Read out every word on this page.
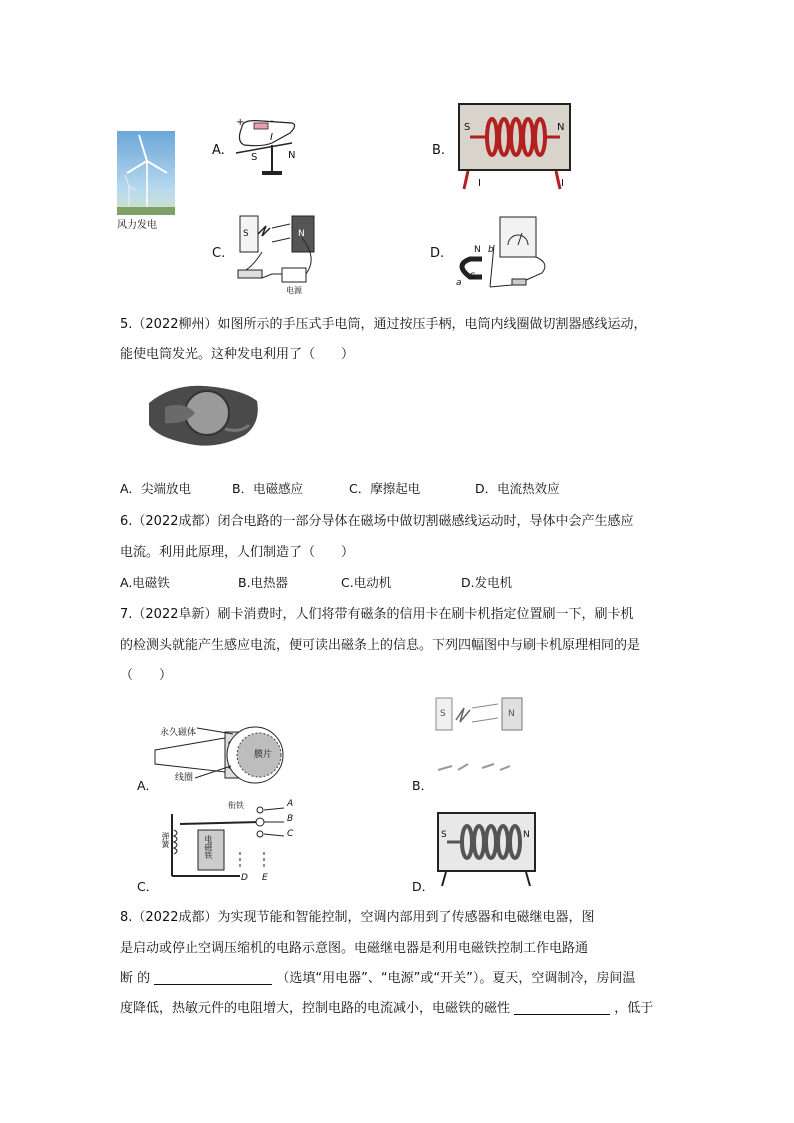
风力发电
A.
+	-
I
S	N	B.
S	N
I	I
C.
S	N
电源
D.	N
S
a
b
5.（2022柳州）如图所示的手压式手电筒，通过按压手柄，电筒内线圈做切割器感线运动，
能使电筒发光。这种发电利用了（　　）
A．尖端放电	B．电磁感应	C．摩擦起电	D．电流热效应
6.（2022成都）闭合电路的一部分导体在磁场中做切割磁感线运动时，导体中会产生感应
电流。利用此原理，人们制造了（　　）
A.电磁铁	B.电热器	C.电动机	D.发电机
7.（2022阜新）刷卡消费时，人们将带有磁条的信用卡在刷卡机指定位置刷一下，刷卡机
的检测头就能产生感应电流，便可读出磁条上的信息。下列四幅图中与刷卡机原理相同的是
（　　）
永久磁体
膜片
线圈
A．
S	N
B．
衔铁
弹簧	电磁铁
A
B
C
D E
C．
S	N
D．
8.（2022成都）为实现节能和智能控制，空调内部用到了传感器和电磁继电器，图
是启动或停止空调压缩机的电路示意图。电磁继电器是利用电磁铁控制工作电路通
断 的	（选填“用电器”、“电源”或“开关”）。夏天，空调制冷，房间温
度降低，热敏元件的电阻增大，控制电路的电流减小，电磁铁的磁性	，低于
